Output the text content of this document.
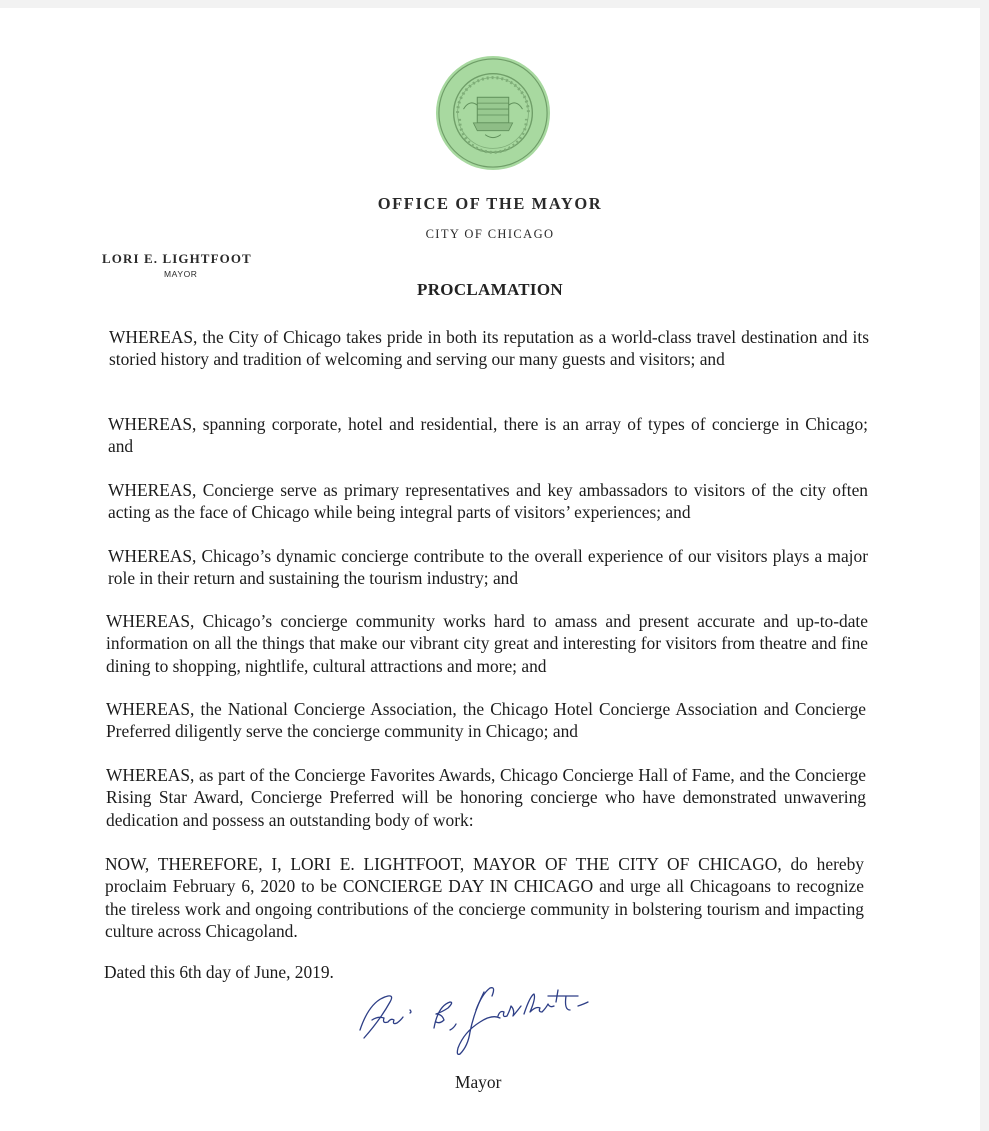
OFFICE OF THE MAYOR
CITY OF CHICAGO
LORI E. LIGHTFOOT
MAYOR
PROCLAMATION

WHEREAS, the City of Chicago takes pride in both its reputation as a world-class travel destination and its storied history and tradition of welcoming and serving our many guests and visitors; and

WHEREAS, spanning corporate, hotel and residential, there is an array of types of concierge in Chicago; and

WHEREAS, Concierge serve as primary representatives and key ambassadors to visitors of the city often acting as the face of Chicago while being integral parts of visitors’ experiences; and

WHEREAS, Chicago’s dynamic concierge contribute to the overall experience of our visitors plays a major role in their return and sustaining the tourism industry; and

WHEREAS, Chicago’s concierge community works hard to amass and present accurate and up-to-date information on all the things that make our vibrant city great and interesting for visitors from theatre and fine dining to shopping, nightlife, cultural attractions and more; and

WHEREAS, the National Concierge Association, the Chicago Hotel Concierge Association and Concierge Preferred diligently serve the concierge community in Chicago; and

WHEREAS, as part of the Concierge Favorites Awards, Chicago Concierge Hall of Fame, and the Concierge Rising Star Award, Concierge Preferred will be honoring concierge who have demonstrated unwavering dedication and possess an outstanding body of work:

NOW, THEREFORE, I, LORI E. LIGHTFOOT, MAYOR OF THE CITY OF CHICAGO, do hereby proclaim February 6, 2020 to be CONCIERGE DAY IN CHICAGO and urge all Chicagoans to recognize the tireless work and ongoing contributions of the concierge community in bolstering tourism and impacting culture across Chicagoland.

Dated this 6th day of June, 2019.
Mayor
